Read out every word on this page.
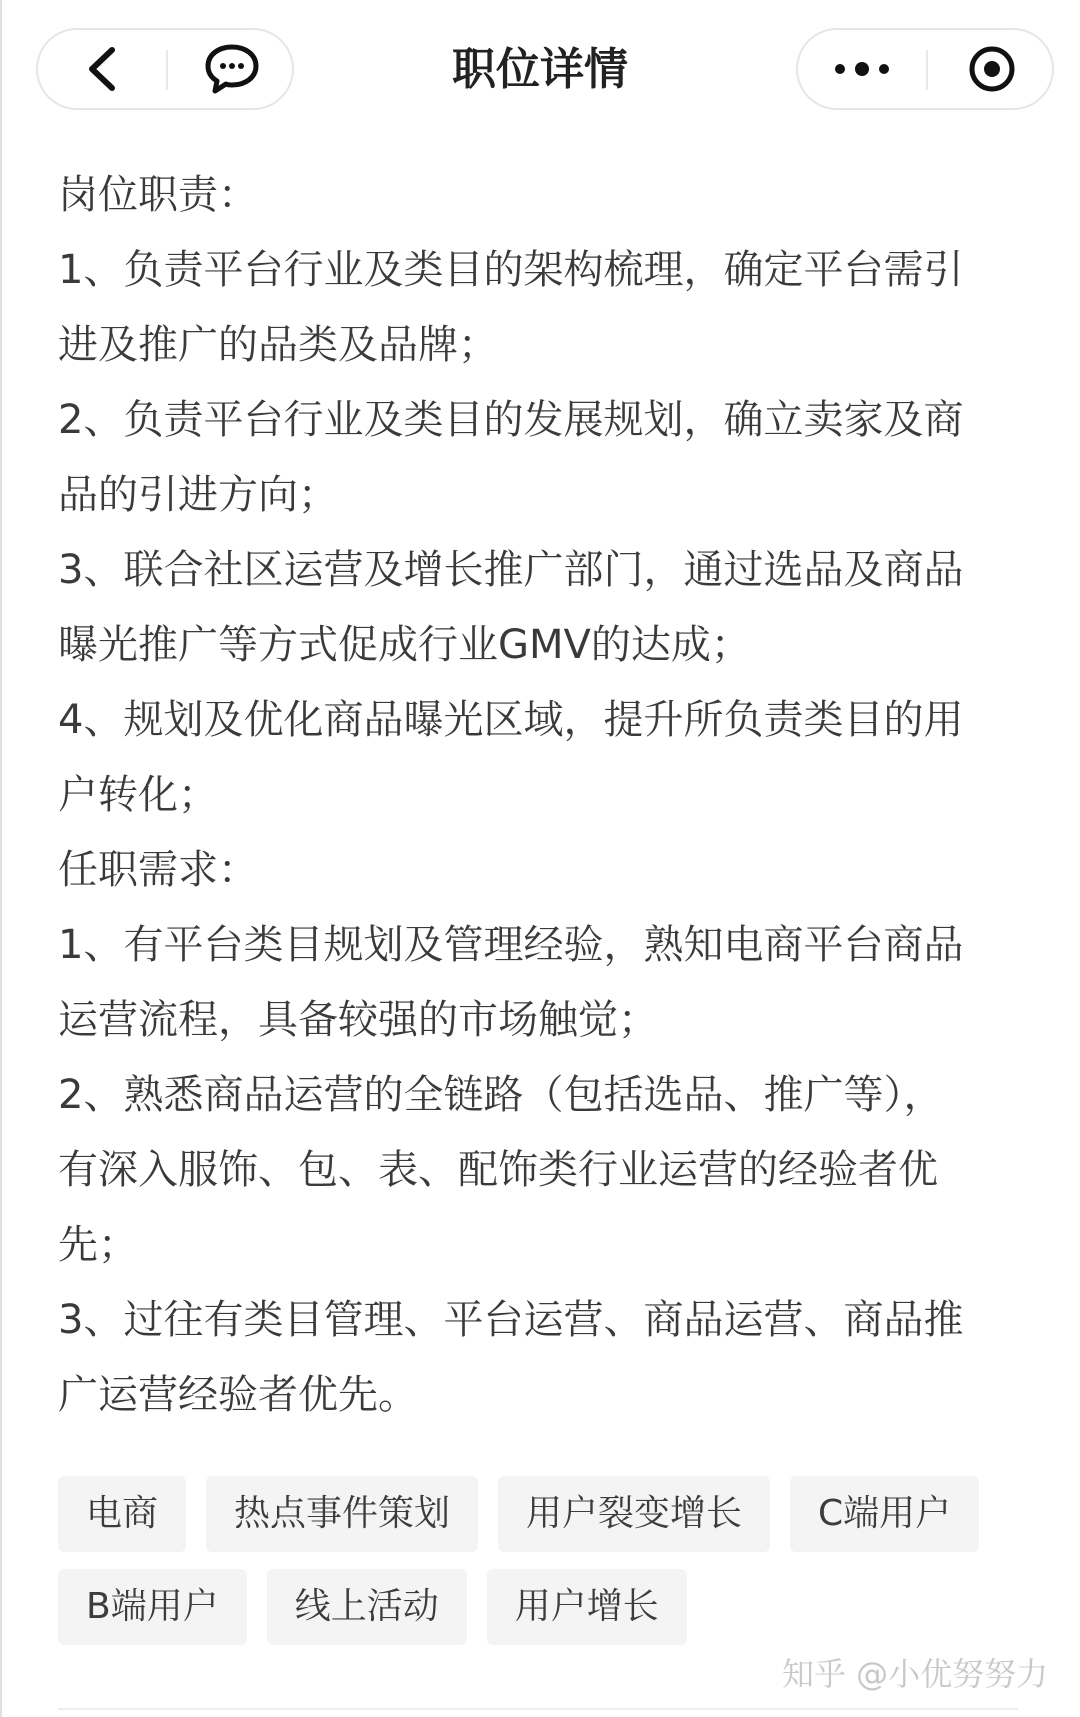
职位详情

岗位职责：

1、负责平台行业及类目的架构梳理，确定平台需引

进及推广的品类及品牌；

2、负责平台行业及类目的发展规划，确立卖家及商

品的引进方向；

3、联合社区运营及增长推广部门，通过选品及商品

曝光推广等方式促成行业GMV的达成；

4、规划及优化商品曝光区域，提升所负责类目的用

户转化；

任职需求：

1、有平台类目规划及管理经验，熟知电商平台商品

运营流程，具备较强的市场触觉；

2、熟悉商品运营的全链路（包括选品、推广等），

有深入服饰、包、表、配饰类行业运营的经验者优

先；

3、过往有类目管理、平台运营、商品运营、商品推

广运营经验者优先。

电商	热点事件策划	用户裂变增长	C端用户
B端用户	线上活动	用户增长
知乎 @小优努努力
